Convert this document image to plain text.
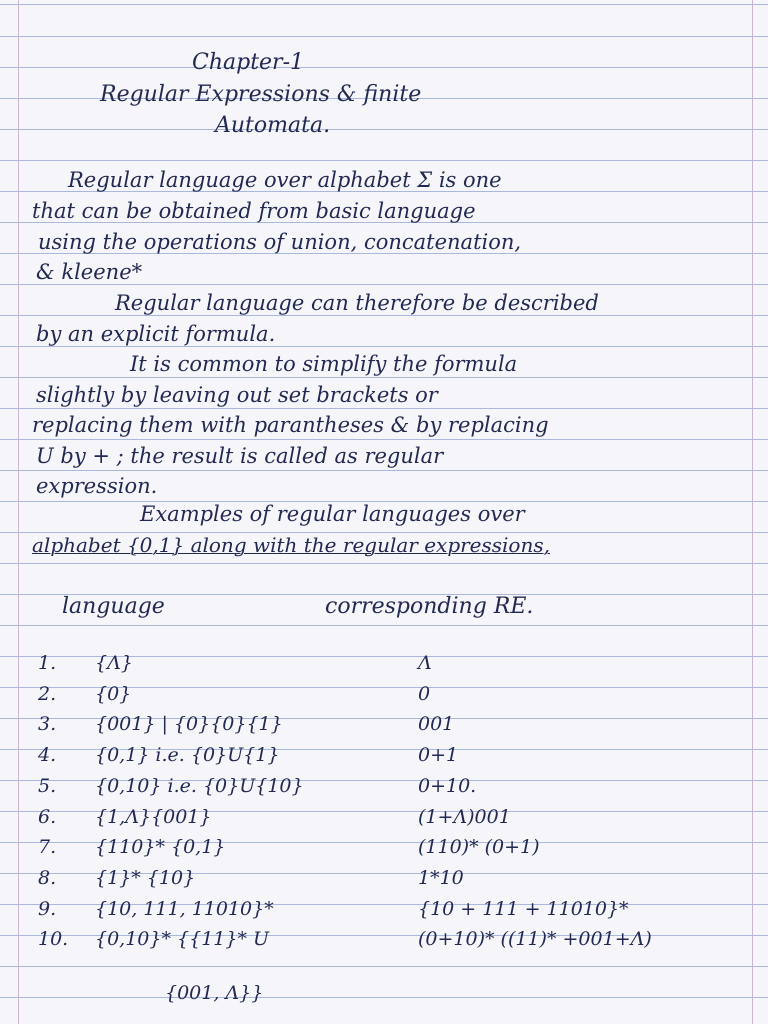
Chapter-1
Regular Expressions & finite
Automata.
Regular language over alphabet Σ is one
that can be obtained from basic language
using the operations of union, concatenation,
& kleene*
Regular language can therefore be described
by an explicit formula.
It is common to simplify the formula
slightly by leaving out set brackets or
replacing them with parantheses & by replacing
U by + ; the result is called as regular
expression.
Examples of regular languages over
alphabet {0,1} along with the regular expressions,
language	corresponding RE.
1. {Λ}	Λ
2. {0}	0
3. {001} | {0}{0}{1}	001
4. {0,1} i.e. {0}U{1}	0+1
5. {0,10} i.e. {0}U{10}	0+10.
6. {1,Λ}{001}	(1+Λ)001
7. {110}* {0,1}	(110)* (0+1)
8. {1}* {10}	1*10
9. {10, 111, 11010}*	{10 + 111 + 11010}*
10. {0,10}* {{11}* U	(0+10)* ((11)* +001+Λ)
{001, Λ}}
